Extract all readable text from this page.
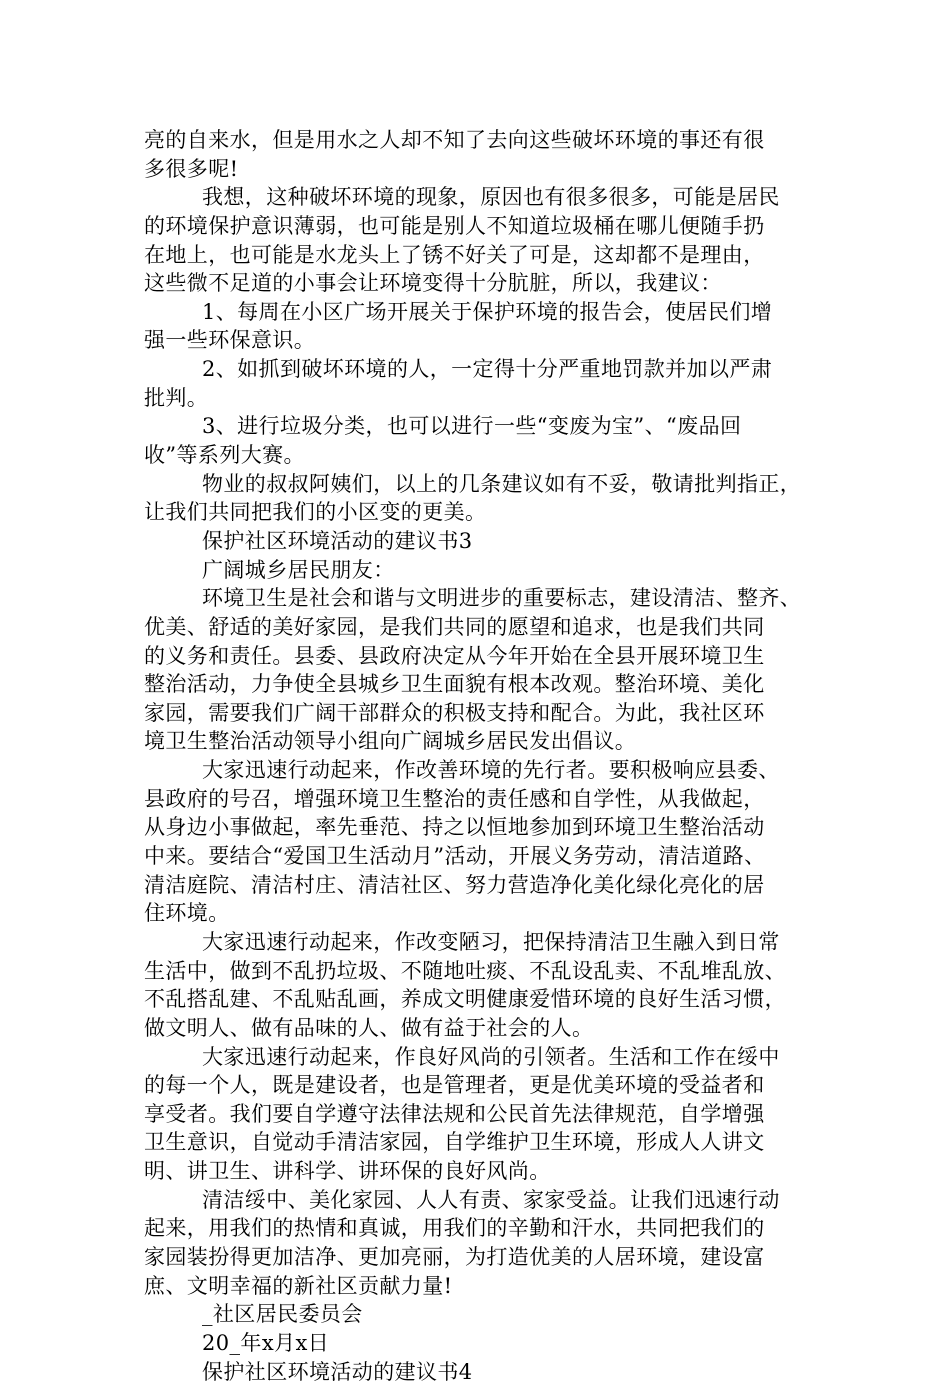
亮的自来水，但是用水之人却不知了去向这些破坏环境的事还有很
多很多呢!
我想，这种破坏环境的现象，原因也有很多很多，可能是居民
的环境保护意识薄弱，也可能是别人不知道垃圾桶在哪儿便随手扔
在地上，也可能是水龙头上了锈不好关了可是，这却都不是理由，
这些微不足道的小事会让环境变得十分肮脏，所以，我建议：
1、每周在小区广场开展关于保护环境的报告会，使居民们增
强一些环保意识。
2、如抓到破坏环境的人，一定得十分严重地罚款并加以严肃
批判。
3、进行垃圾分类，也可以进行一些“变废为宝”、“废品回
收”等系列大赛。
物业的叔叔阿姨们，以上的几条建议如有不妥，敬请批判指正，
让我们共同把我们的小区变的更美。
保护社区环境活动的建议书3
广阔城乡居民朋友：
环境卫生是社会和谐与文明进步的重要标志，建设清洁、整齐、
优美、舒适的美好家园，是我们共同的愿望和追求，也是我们共同
的义务和责任。县委、县政府决定从今年开始在全县开展环境卫生
整治活动，力争使全县城乡卫生面貌有根本改观。整治环境、美化
家园，需要我们广阔干部群众的积极支持和配合。为此，我社区环
境卫生整治活动领导小组向广阔城乡居民发出倡议。
大家迅速行动起来，作改善环境的先行者。要积极响应县委、
县政府的号召，增强环境卫生整治的责任感和自学性，从我做起，
从身边小事做起，率先垂范、持之以恒地参加到环境卫生整治活动
中来。要结合“爱国卫生活动月”活动，开展义务劳动，清洁道路、
清洁庭院、清洁村庄、清洁社区、努力营造净化美化绿化亮化的居
住环境。
大家迅速行动起来，作改变陋习，把保持清洁卫生融入到日常
生活中，做到不乱扔垃圾、不随地吐痰、不乱设乱卖、不乱堆乱放、
不乱搭乱建、不乱贴乱画，养成文明健康爱惜环境的良好生活习惯，
做文明人、做有品味的人、做有益于社会的人。
大家迅速行动起来，作良好风尚的引领者。生活和工作在绥中
的每一个人，既是建设者，也是管理者，更是优美环境的受益者和
享受者。我们要自学遵守法律法规和公民首先法律规范，自学增强
卫生意识，自觉动手清洁家园，自学维护卫生环境，形成人人讲文
明、讲卫生、讲科学、讲环保的良好风尚。
清洁绥中、美化家园、人人有责、家家受益。让我们迅速行动
起来，用我们的热情和真诚，用我们的辛勤和汗水，共同把我们的
家园装扮得更加洁净、更加亮丽，为打造优美的人居环境，建设富
庶、文明幸福的新社区贡献力量!
_社区居民委员会
20_年x月x日
保护社区环境活动的建议书4
